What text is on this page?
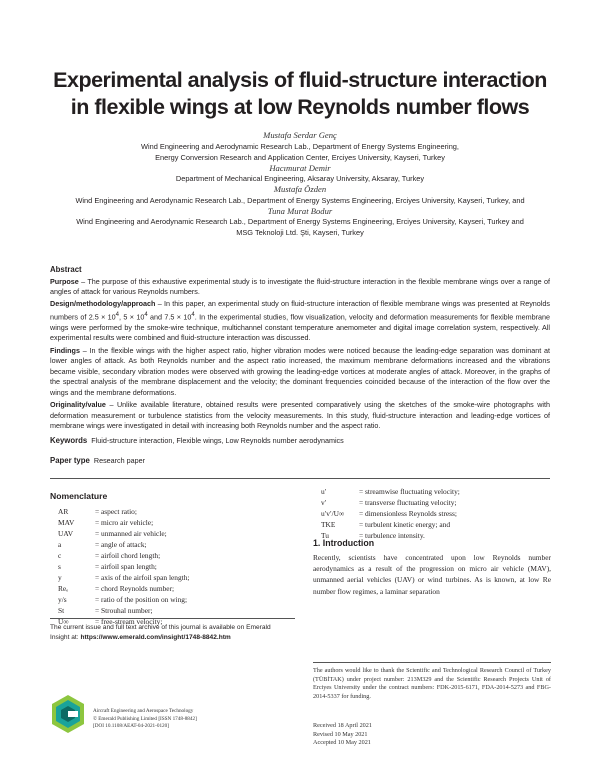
Experimental analysis of fluid-structure interaction
in flexible wings at low Reynolds number flows
Mustafa Serdar Genç
Wind Engineering and Aerodynamic Research Lab., Department of Energy Systems Engineering,
Energy Conversion Research and Application Center, Erciyes University, Kayseri, Turkey
Hacımurat Demir
Department of Mechanical Engineering, Aksaray University, Aksaray, Turkey
Mustafa Özden
Wind Engineering and Aerodynamic Research Lab., Department of Energy Systems Engineering, Erciyes University, Kayseri, Turkey, and
Tuna Murat Bodur
Wind Engineering and Aerodynamic Research Lab., Department of Energy Systems Engineering, Erciyes University, Kayseri, Turkey and
MSG Teknoloji Ltd. Şti, Kayseri, Turkey

Abstract

Purpose – The purpose of this exhaustive experimental study is to investigate the fluid-structure interaction in the flexible membrane wings over a range of angles of attack for various Reynolds numbers.

Design/methodology/approach – In this paper, an experimental study on fluid-structure interaction of flexible membrane wings was presented at Reynolds numbers of $2.5 \times 10^4$, $5 \times 10^4$ and $7.5 \times 10^4$. In the experimental studies, flow visualization, velocity and deformation measurements for flexible membrane wings were performed by the smoke-wire technique, multichannel constant temperature anemometer and digital image correlation system, respectively. All experimental results were combined and fluid-structure interaction was discussed.

Findings – In the flexible wings with the higher aspect ratio, higher vibration modes were noticed because the leading-edge separation was dominant at lower angles of attack. As both Reynolds number and the aspect ratio increased, the maximum membrane deformations increased and the vibrations became visible, secondary vibration modes were observed with growing the leading-edge vortices at moderate angles of attack. Moreover, in the graphs of the spectral analysis of the membrane displacement and the velocity; the dominant frequencies coincided because of the interaction of the flow over the wings and the membrane deformations.

Originality/value – Unlike available literature, obtained results were presented comparatively using the sketches of the smoke-wire photographs with deformation measurement or turbulence statistics from the velocity measurements. In this study, fluid-structure interaction and leading-edge vortices of membrane wings were investigated in detail with increasing both Reynolds number and the aspect ratio.

Keywords Fluid-structure interaction, Flexible wings, Low Reynolds number aerodynamics
Paper type Research paper
Nomenclature
AR	= aspect ratio;
MAV	= micro air vehicle;
UAV	= unmanned air vehicle;
a	= angle of attack;
c	= airfoil chord length;
s	= airfoil span length;
y	= axis of the airfoil span length;
Reₑ	= chord Reynolds number;
y/s	= ratio of the position on wing;
St	= Strouhal number;
U∞	= free-stream velocity;
u′	= streamwise fluctuating velocity;
v′	= transverse fluctuating velocity;
u′v′/U∞	= dimensionless Reynolds stress;
TKE	= turbulent kinetic energy; and
Tu	= turbulence intensity.
1. Introduction
Recently, scientists have concentrated upon low Reynolds number aerodynamics as a result of the progression on micro air vehicle (MAV), unmanned aerial vehicles (UAV) or wind turbines. As is known, at low Re number flow regimes, a laminar separation
The current issue and full text archive of this journal is available on Emerald Insight at: https://www.emerald.com/insight/1748-8842.htm
Aircraft Engineering and Aerospace Technology
© Emerald Publishing Limited [ISSN 1748-8842]
[DOI 10.1108/AEAT-04-2021-0120]
The authors would like to thank the Scientific and Technological Research Council of Turkey (TÜBİTAK) under project number: 213M329 and the Scientific Research Projects Unit of Erciyes University under the contract numbers: FDK-2015-6171, FDA-2014-5273 and FBG-2014-5337 for funding.
Received 18 April 2021
Revised 10 May 2021
Accepted 10 May 2021
